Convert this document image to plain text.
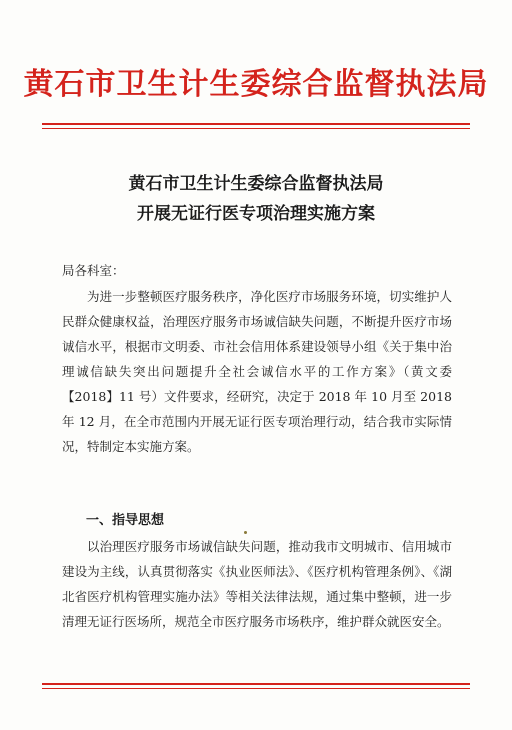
黄石市卫生计生委综合监督执法局
黄石市卫生计生委综合监督执法局
开展无证行医专项治理实施方案
局各科室：

为进一步整顿医疗服务秩序，净化医疗市场服务环境，切实维护人民群众健康权益，治理医疗服务市场诚信缺失问题，不断提升医疗市场诚信水平，根据市文明委、市社会信用体系建设领导小组《关于集中治理诚信缺失突出问题提升全社会诚信水平的工作方案》（黄文委【2018】11 号）文件要求，经研究，决定于 2018 年 10 月至 2018 年 12 月，在全市范围内开展无证行医专项治理行动，结合我市实际情况，特制定本实施方案。

一、指导思想

以治理医疗服务市场诚信缺失问题，推动我市文明城市、信用城市建设为主线，认真贯彻落实《执业医师法》、《医疗机构管理条例》、《湖北省医疗机构管理实施办法》等相关法律法规，通过集中整顿，进一步清理无证行医场所，规范全市医疗服务市场秩序，维护群众就医安全。
